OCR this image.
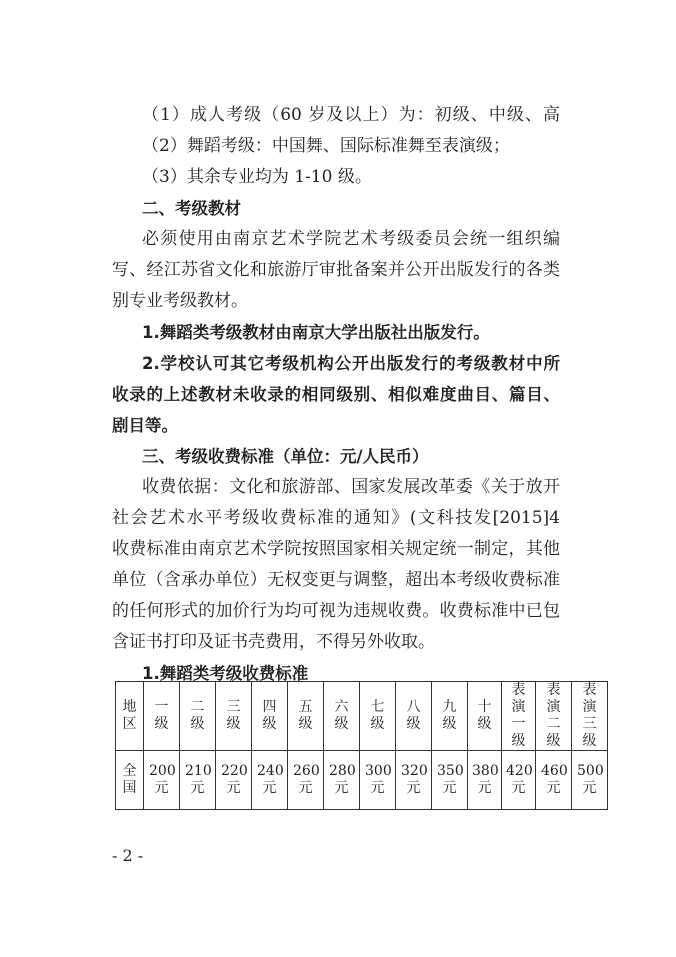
（1）成人考级（60 岁及以上）为：初级、中级、高
（2）舞蹈考级：中国舞、国际标准舞至表演级；
（3）其余专业均为 1-10 级。
二、考级教材
必须使用由南京艺术学院艺术考级委员会统一组织编
写、经江苏省文化和旅游厅审批备案并公开出版发行的各类
别专业考级教材。
1.舞蹈类考级教材由南京大学出版社出版发行。
2.学校认可其它考级机构公开出版发行的考级教材中所
收录的上述教材未收录的相同级别、相似难度曲目、篇目、
剧目等。
三、考级收费标准（单位：元/人民币）
收费依据：文化和旅游部、国家发展改革委《关于放开
社会艺术水平考级收费标准的通知》(文科技发[2015]4
收费标准由南京艺术学院按照国家相关规定统一制定，其他
单位（含承办单位）无权变更与调整，超出本考级收费标准
的任何形式的加价行为均可视为违规收费。收费标准中已包
含证书打印及证书壳费用，不得另外收取。
1.舞蹈类考级收费标准
地区	一级	二级	三级	四级	五级	六级	七级	八级	九级	十级	表演一级	表演二级	表演三级
全国	200元	210元	220元	240元	260元	280元	300元	320元	350元	380元	420元	460元	500元
- 2 -
